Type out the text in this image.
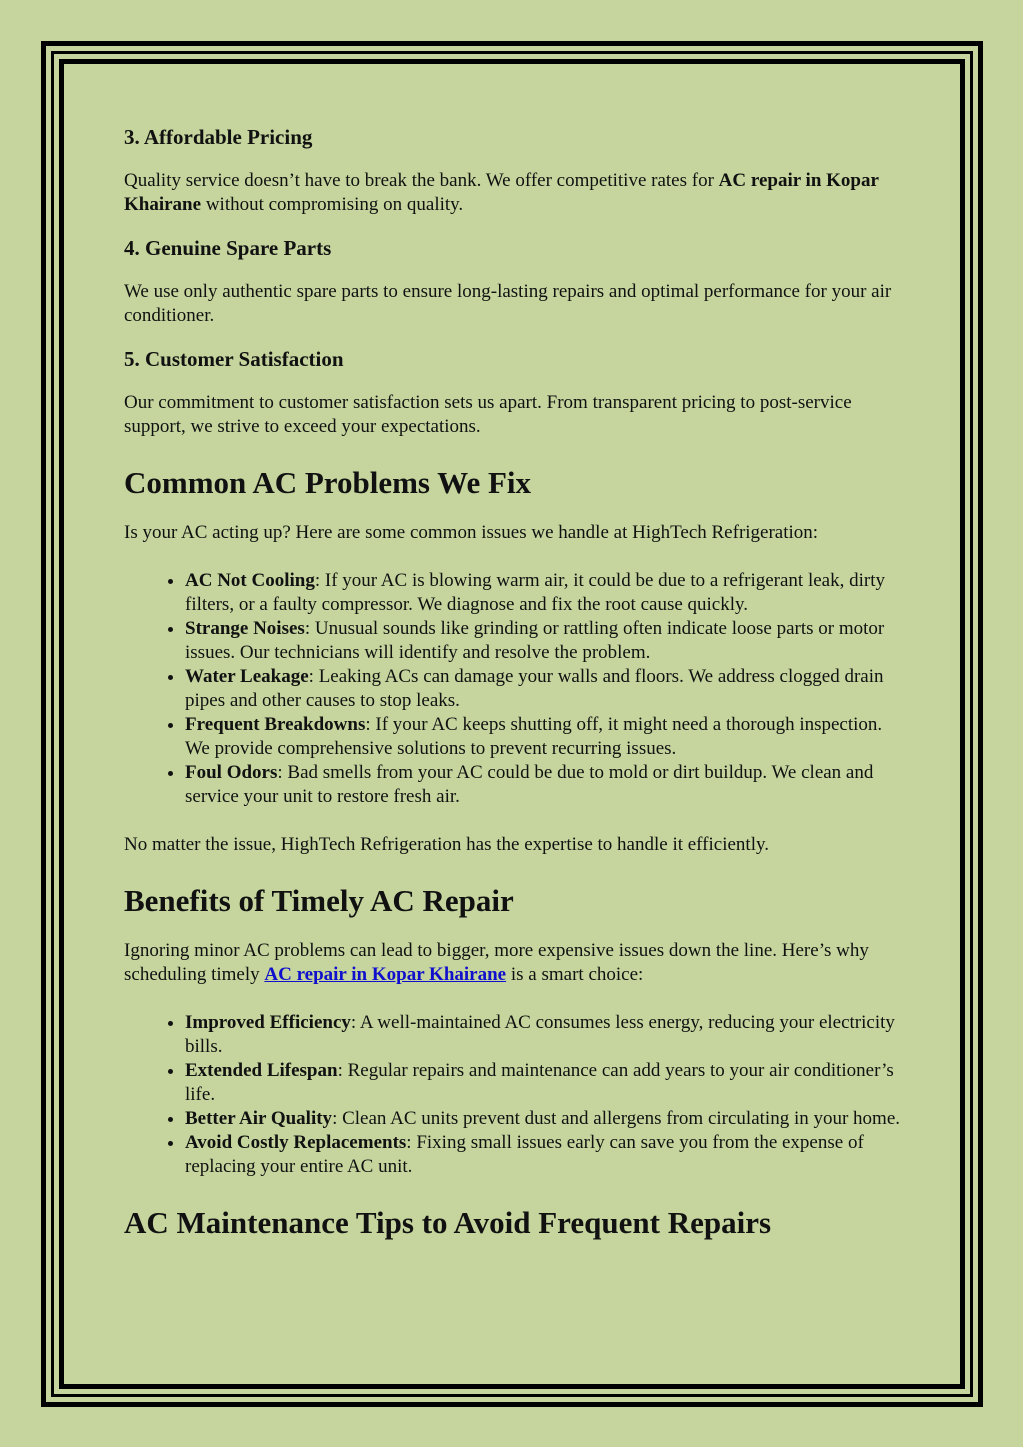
3. Affordable Pricing

Quality service doesn’t have to break the bank. We offer competitive rates for AC repair in Kopar Khairane without compromising on quality.

4. Genuine Spare Parts

We use only authentic spare parts to ensure long-lasting repairs and optimal performance for your air conditioner.

5. Customer Satisfaction

Our commitment to customer satisfaction sets us apart. From transparent pricing to post-service support, we strive to exceed your expectations.

Common AC Problems We Fix

Is your AC acting up? Here are some common issues we handle at HighTech Refrigeration:

• AC Not Cooling: If your AC is blowing warm air, it could be due to a refrigerant leak, dirty filters, or a faulty compressor. We diagnose and fix the root cause quickly.
• Strange Noises: Unusual sounds like grinding or rattling often indicate loose parts or motor issues. Our technicians will identify and resolve the problem.
• Water Leakage: Leaking ACs can damage your walls and floors. We address clogged drain pipes and other causes to stop leaks.
• Frequent Breakdowns: If your AC keeps shutting off, it might need a thorough inspection. We provide comprehensive solutions to prevent recurring issues.
• Foul Odors: Bad smells from your AC could be due to mold or dirt buildup. We clean and service your unit to restore fresh air.

No matter the issue, HighTech Refrigeration has the expertise to handle it efficiently.

Benefits of Timely AC Repair

Ignoring minor AC problems can lead to bigger, more expensive issues down the line. Here’s why scheduling timely AC repair in Kopar Khairane is a smart choice:

• Improved Efficiency: A well-maintained AC consumes less energy, reducing your electricity bills.
• Extended Lifespan: Regular repairs and maintenance can add years to your air conditioner’s life.
• Better Air Quality: Clean AC units prevent dust and allergens from circulating in your home.
• Avoid Costly Replacements: Fixing small issues early can save you from the expense of replacing your entire AC unit.
AC Maintenance Tips to Avoid Frequent Repairs
